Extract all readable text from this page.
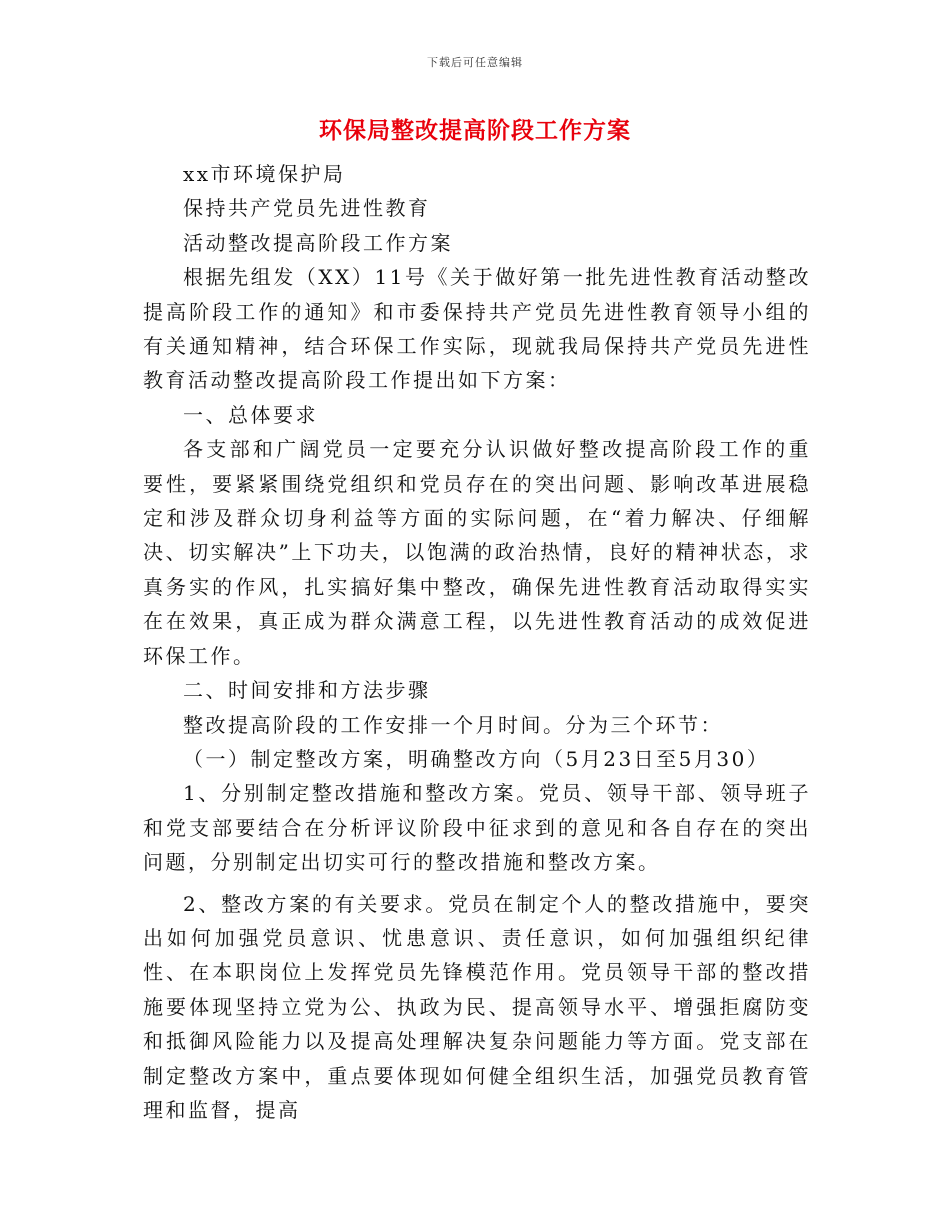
下载后可任意编辑
环保局整改提高阶段工作方案

xx市环境保护局

保持共产党员先进性教育

活动整改提高阶段工作方案

根据先组发（XX）11号《关于做好第一批先进性教育活动整改提高阶段工作的通知》和市委保持共产党员先进性教育领导小组的有关通知精神，结合环保工作实际，现就我局保持共产党员先进性教育活动整改提高阶段工作提出如下方案：

一、总体要求

各支部和广阔党员一定要充分认识做好整改提高阶段工作的重要性，要紧紧围绕党组织和党员存在的突出问题、影响改革进展稳定和涉及群众切身利益等方面的实际问题，在“着力解决、仔细解决、切实解决”上下功夫，以饱满的政治热情，良好的精神状态，求真务实的作风，扎实搞好集中整改，确保先进性教育活动取得实实在在效果，真正成为群众满意工程，以先进性教育活动的成效促进环保工作。

二、时间安排和方法步骤

整改提高阶段的工作安排一个月时间。分为三个环节：

（一）制定整改方案，明确整改方向（5月23日至5月30）

1、分别制定整改措施和整改方案。党员、领导干部、领导班子和党支部要结合在分析评议阶段中征求到的意见和各自存在的突出问题，分别制定出切实可行的整改措施和整改方案。

2、整改方案的有关要求。党员在制定个人的整改措施中，要突出如何加强党员意识、忧患意识、责任意识，如何加强组织纪律性、在本职岗位上发挥党员先锋模范作用。党员领导干部的整改措施要体现坚持立党为公、执政为民、提高领导水平、增强拒腐防变和抵御风险能力以及提高处理解决复杂问题能力等方面。党支部在制定整改方案中，重点要体现如何健全组织生活，加强党员教育管理和监督，提高
